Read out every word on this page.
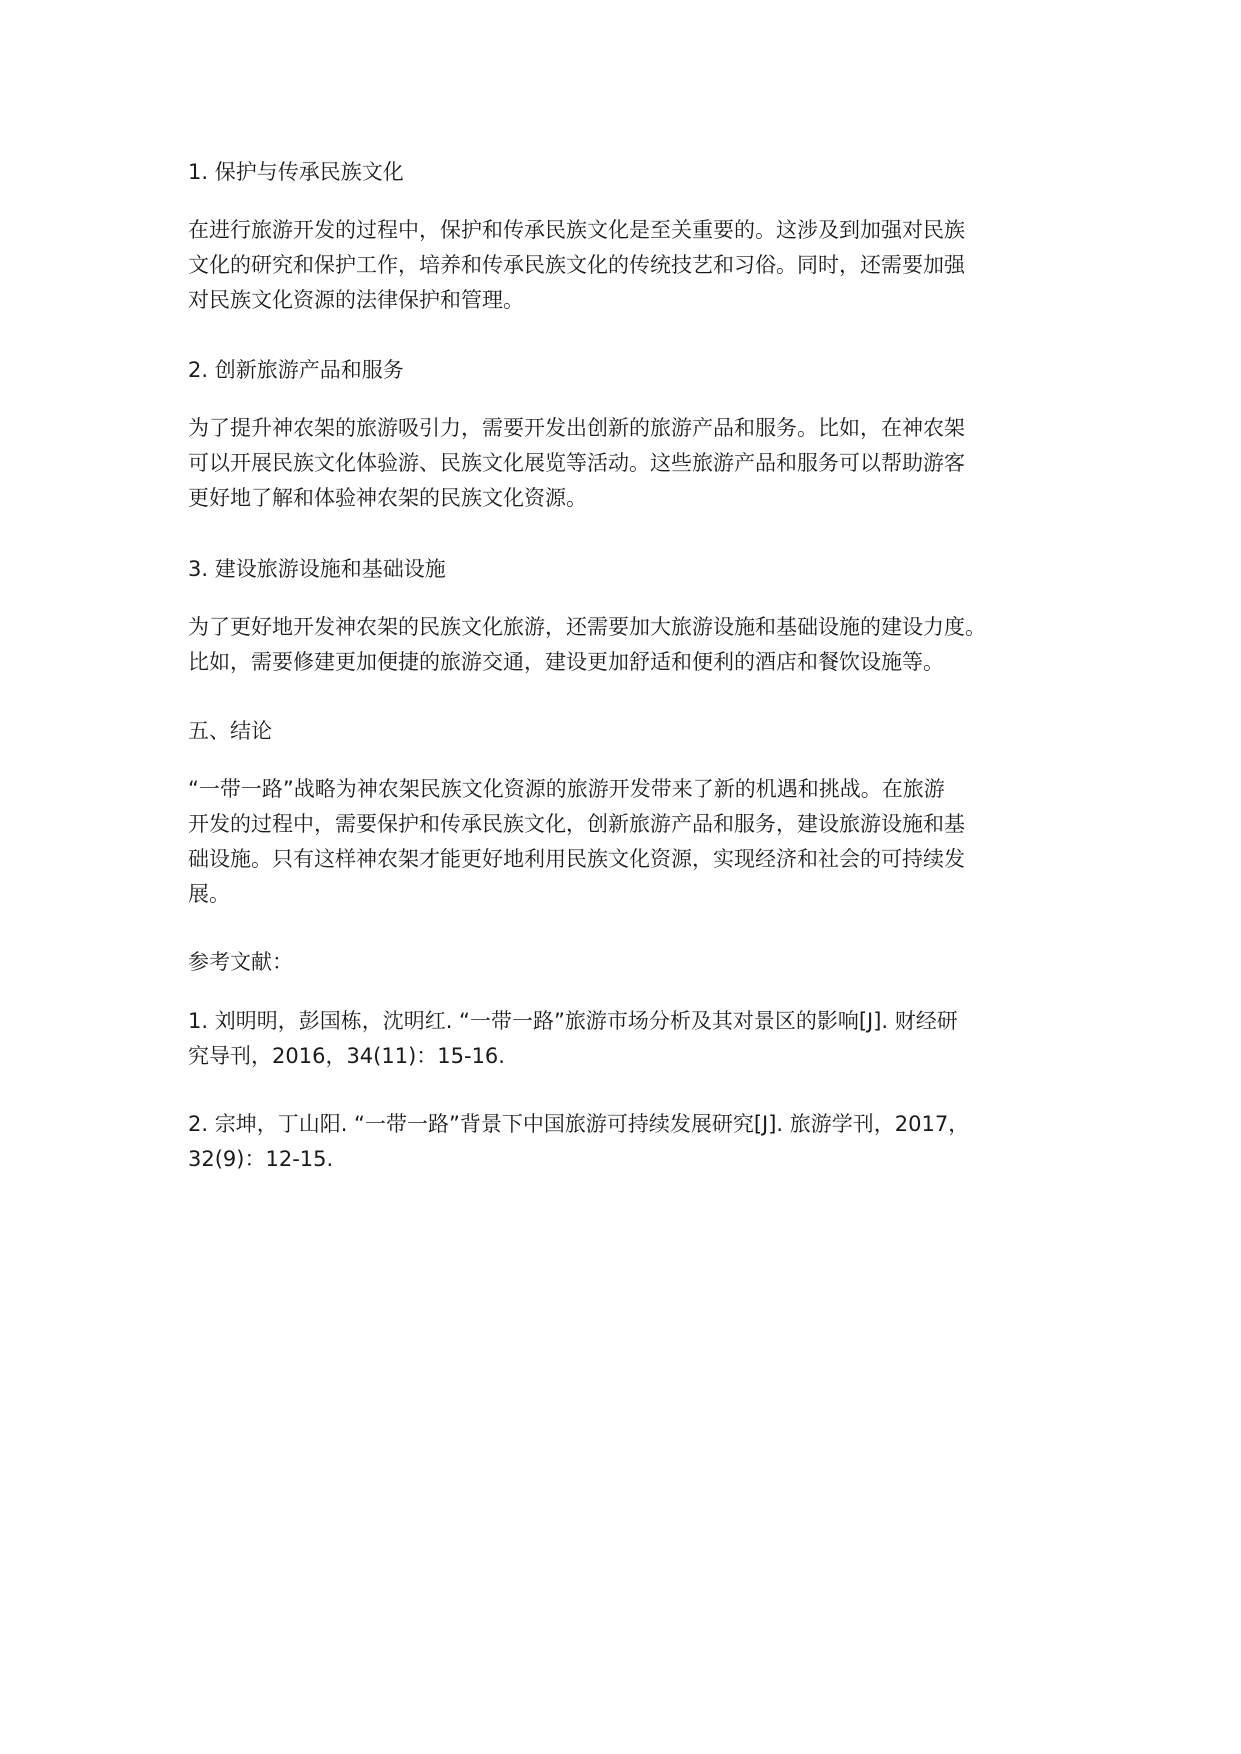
1. 保护与传承民族文化
在进行旅游开发的过程中，保护和传承民族文化是至关重要的。这涉及到加强对民族
文化的研究和保护工作，培养和传承民族文化的传统技艺和习俗。同时，还需要加强
对民族文化资源的法律保护和管理。
2. 创新旅游产品和服务
为了提升神农架的旅游吸引力，需要开发出创新的旅游产品和服务。比如，在神农架
可以开展民族文化体验游、民族文化展览等活动。这些旅游产品和服务可以帮助游客
更好地了解和体验神农架的民族文化资源。
3. 建设旅游设施和基础设施
为了更好地开发神农架的民族文化旅游，还需要加大旅游设施和基础设施的建设力度。
比如，需要修建更加便捷的旅游交通，建设更加舒适和便利的酒店和餐饮设施等。
五、结论
“一带一路”战略为神农架民族文化资源的旅游开发带来了新的机遇和挑战。在旅游
开发的过程中，需要保护和传承民族文化，创新旅游产品和服务，建设旅游设施和基
础设施。只有这样神农架才能更好地利用民族文化资源，实现经济和社会的可持续发
展。
参考文献：
1. 刘明明，彭国栋，沈明红. “一带一路”旅游市场分析及其对景区的影响[J]. 财经研
究导刊，2016，34(11)：15-16.
2. 宗坤，丁山阳. “一带一路”背景下中国旅游可持续发展研究[J]. 旅游学刊，2017，
32(9)：12-15.
